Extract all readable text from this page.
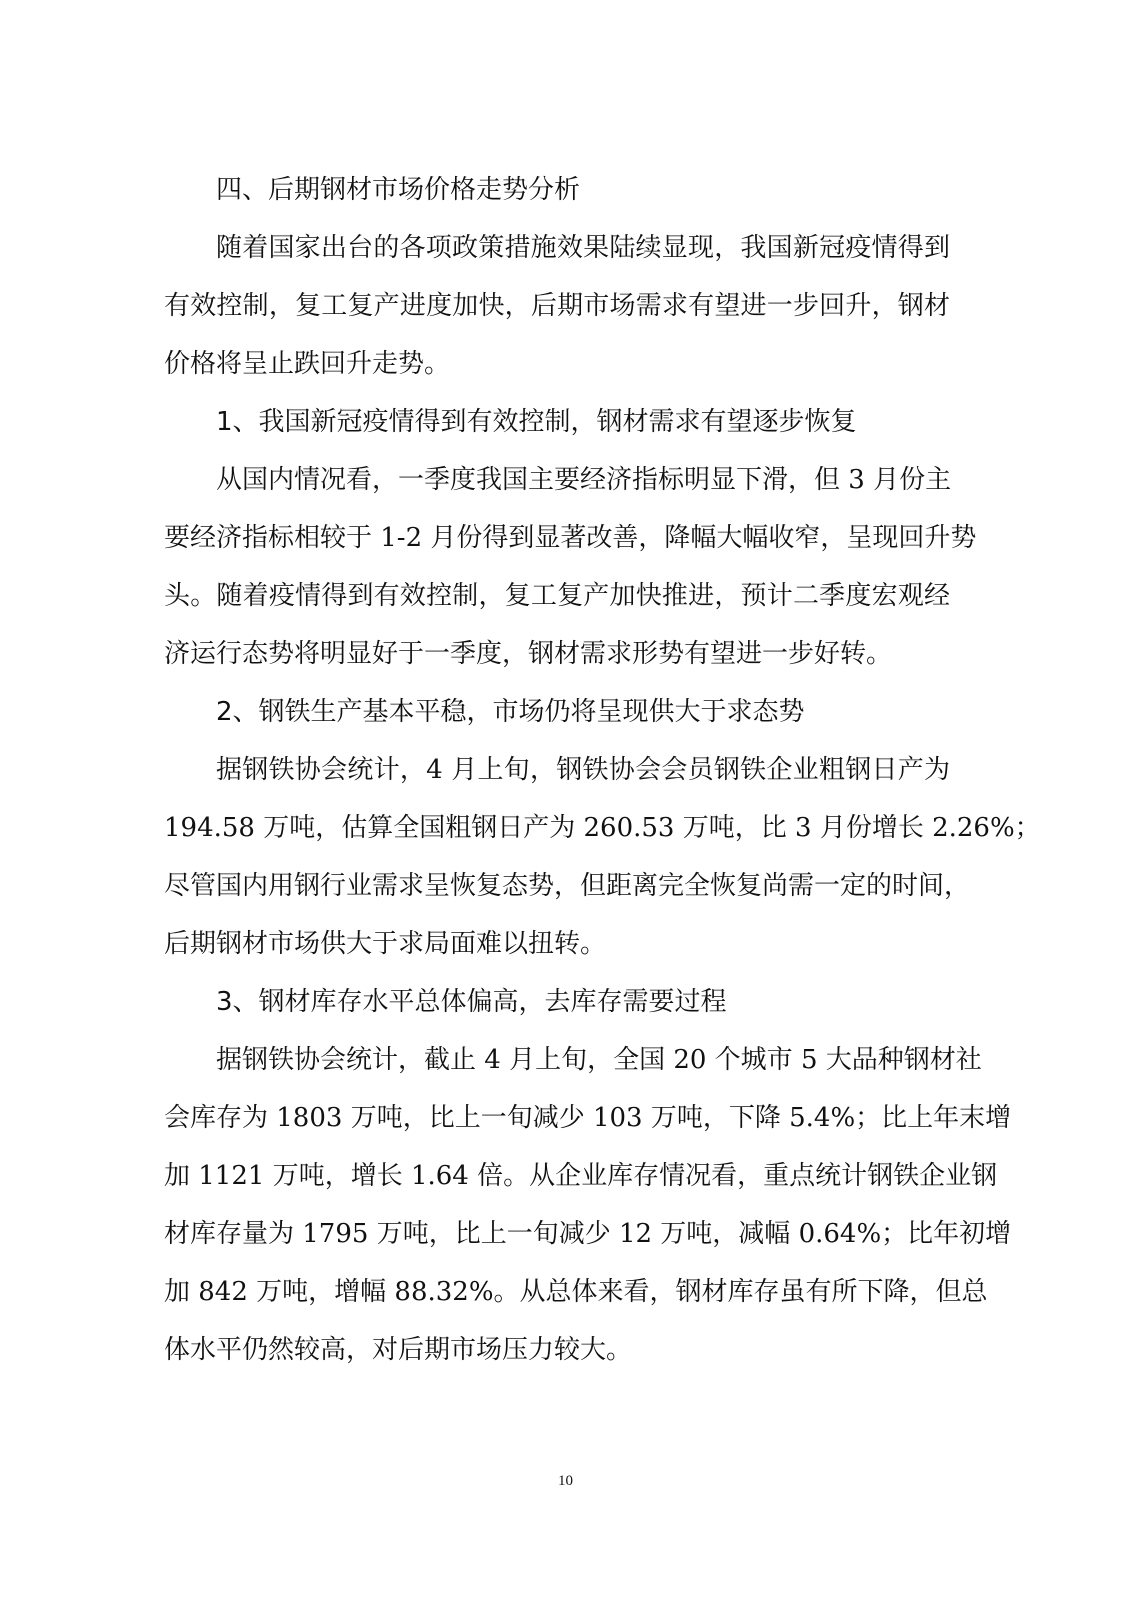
四、后期钢材市场价格走势分析
随着国家出台的各项政策措施效果陆续显现，我国新冠疫情得到
有效控制，复工复产进度加快，后期市场需求有望进一步回升，钢材
价格将呈止跌回升走势。
1、我国新冠疫情得到有效控制，钢材需求有望逐步恢复
从国内情况看，一季度我国主要经济指标明显下滑，但 3 月份主
要经济指标相较于 1-2 月份得到显著改善，降幅大幅收窄，呈现回升势
头。随着疫情得到有效控制，复工复产加快推进，预计二季度宏观经
济运行态势将明显好于一季度，钢材需求形势有望进一步好转。
2、钢铁生产基本平稳，市场仍将呈现供大于求态势
据钢铁协会统计，4 月上旬，钢铁协会会员钢铁企业粗钢日产为
194.58 万吨，估算全国粗钢日产为 260.53 万吨，比 3 月份增长 2.26%；
尽管国内用钢行业需求呈恢复态势，但距离完全恢复尚需一定的时间，
后期钢材市场供大于求局面难以扭转。
3、钢材库存水平总体偏高，去库存需要过程
据钢铁协会统计，截止 4 月上旬，全国 20 个城市 5 大品种钢材社
会库存为 1803 万吨，比上一旬减少 103 万吨，下降 5.4%；比上年末增
加 1121 万吨，增长 1.64 倍。从企业库存情况看，重点统计钢铁企业钢
材库存量为 1795 万吨，比上一旬减少 12 万吨，减幅 0.64%；比年初增
加 842 万吨，增幅 88.32%。从总体来看，钢材库存虽有所下降，但总
体水平仍然较高，对后期市场压力较大。
10
